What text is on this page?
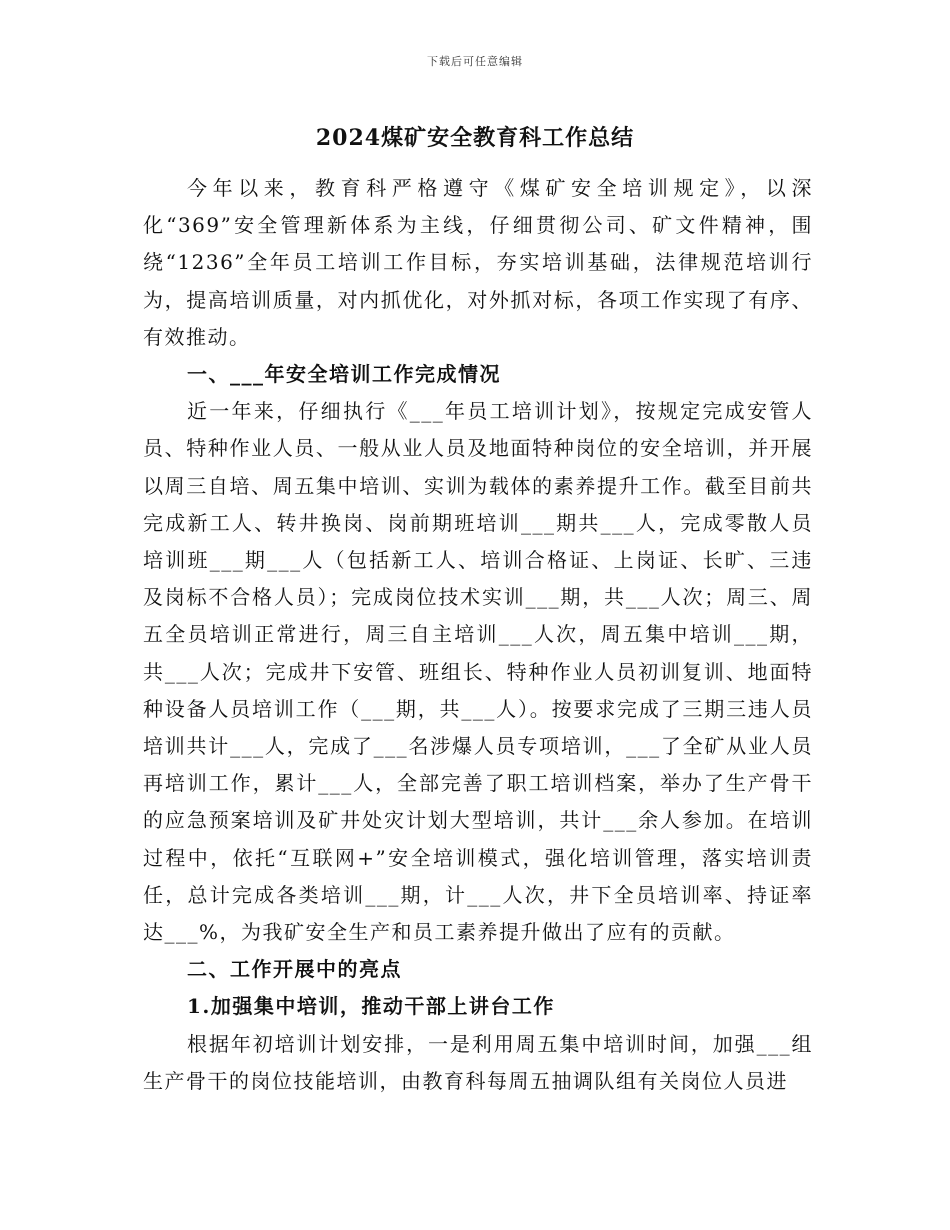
下载后可任意编辑
2024煤矿安全教育科工作总结

今年以来，教育科严格遵守《煤矿安全培训规定》，以深化“369”安全管理新体系为主线，仔细贯彻公司、矿文件精神，围绕“1236”全年员工培训工作目标，夯实培训基础，法律规范培训行为，提高培训质量，对内抓优化，对外抓对标，各项工作实现了有序、有效推动。

一、___年安全培训工作完成情况

近一年来，仔细执行《___年员工培训计划》，按规定完成安管人员、特种作业人员、一般从业人员及地面特种岗位的安全培训，并开展以周三自培、周五集中培训、实训为载体的素养提升工作。截至目前共完成新工人、转井换岗、岗前期班培训___期共___人，完成零散人员培训班___期___人（包括新工人、培训合格证、上岗证、长旷、三违及岗标不合格人员）；完成岗位技术实训___期，共___人次；周三、周五全员培训正常进行，周三自主培训___人次，周五集中培训___期，共___人次；完成井下安管、班组长、特种作业人员初训复训、地面特种设备人员培训工作（___期，共___人）。按要求完成了三期三违人员培训共计___人，完成了___名涉爆人员专项培训，___了全矿从业人员再培训工作，累计___人，全部完善了职工培训档案，举办了生产骨干的应急预案培训及矿井处灾计划大型培训，共计___余人参加。在培训过程中，依托“互联网+”安全培训模式，强化培训管理，落实培训责任，总计完成各类培训___期，计___人次，井下全员培训率、持证率达___%，为我矿安全生产和员工素养提升做出了应有的贡献。

二、工作开展中的亮点

1.加强集中培训，推动干部上讲台工作

根据年初培训计划安排，一是利用周五集中培训时间，加强___组生产骨干的岗位技能培训，由教育科每周五抽调队组有关岗位人员进
